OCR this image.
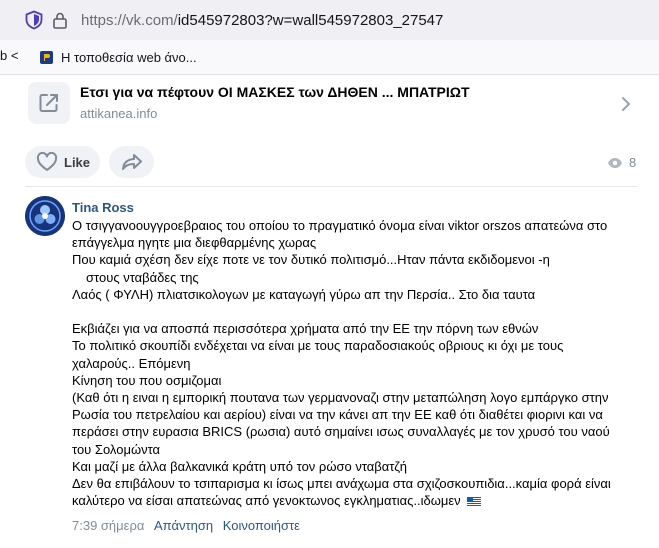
https://vk.com/id545972803?w=wall545972803_27547
b <	Η τοποθεσία web άνο...
Ετσι για να πέφτουν ΟΙ ΜΑΣΚΕΣ των ΔΗΘΕΝ ... ΜΠΑΤΡΙΩΤ
attikanea.info
Like	8
Tina Ross
Ο τσιγγανοουγγροεβραιος του οποίου το πραγματικό όνομα είναι viktor orszos απατεώνα στο
επάγγελμα ηγητε μια διεφθαρμένης χωρας
Που καμιά σχέση δεν είχε ποτε νε τον δυτικό πολιτισμό...Ηταν πάντα εκδιδομενοι -η
στους νταβάδες της
Λαός ( ΦΥΛΗ) πλιατσικολογων με καταγωγή γύρω απ την Περσία.. Στο δια ταυτα
Εκβιάζει για να αποσπά περισσότερα χρήματα από την ΕΕ την πόρνη των εθνών
Το πολιτικό σκουπίδι ενδέχεται να είναι με τους παραδοσιακούς οβριους κι όχι με τους
χαλαρούς.. Επόμενη
Κίνηση του που οσμιζομαι
(Καθ ότι η ειναι η εμπορική πουτανα των γερμανοναζι στην μεταπώληση λογο εμπάργκο στην
Ρωσία του πετρελαίου και αερίου) είναι να την κάνει απ την ΕΕ καθ ότι διαθέτει φιορινι και να
περάσει στην ευρασια BRICS (ρωσια) αυτό σημαίνει ισως συναλλαγές με τον χρυσό του ναού
του Σολομώντα
Και μαζί με άλλα βαλκανικά κράτη υπό τον ρώσο νταβατζή
Δεν θα επιβάλουν το τσιπαρισμα κι ίσως μπει ανάχωμα στα σχιζοσκουπιδια...καμία φορά είναι
καλύτερο να είσαι απατεώνας από γενοκτωνος εγκληματιας..ιδωμεν
7:39 σήμερα Απάντηση Κοινοποιήστε
